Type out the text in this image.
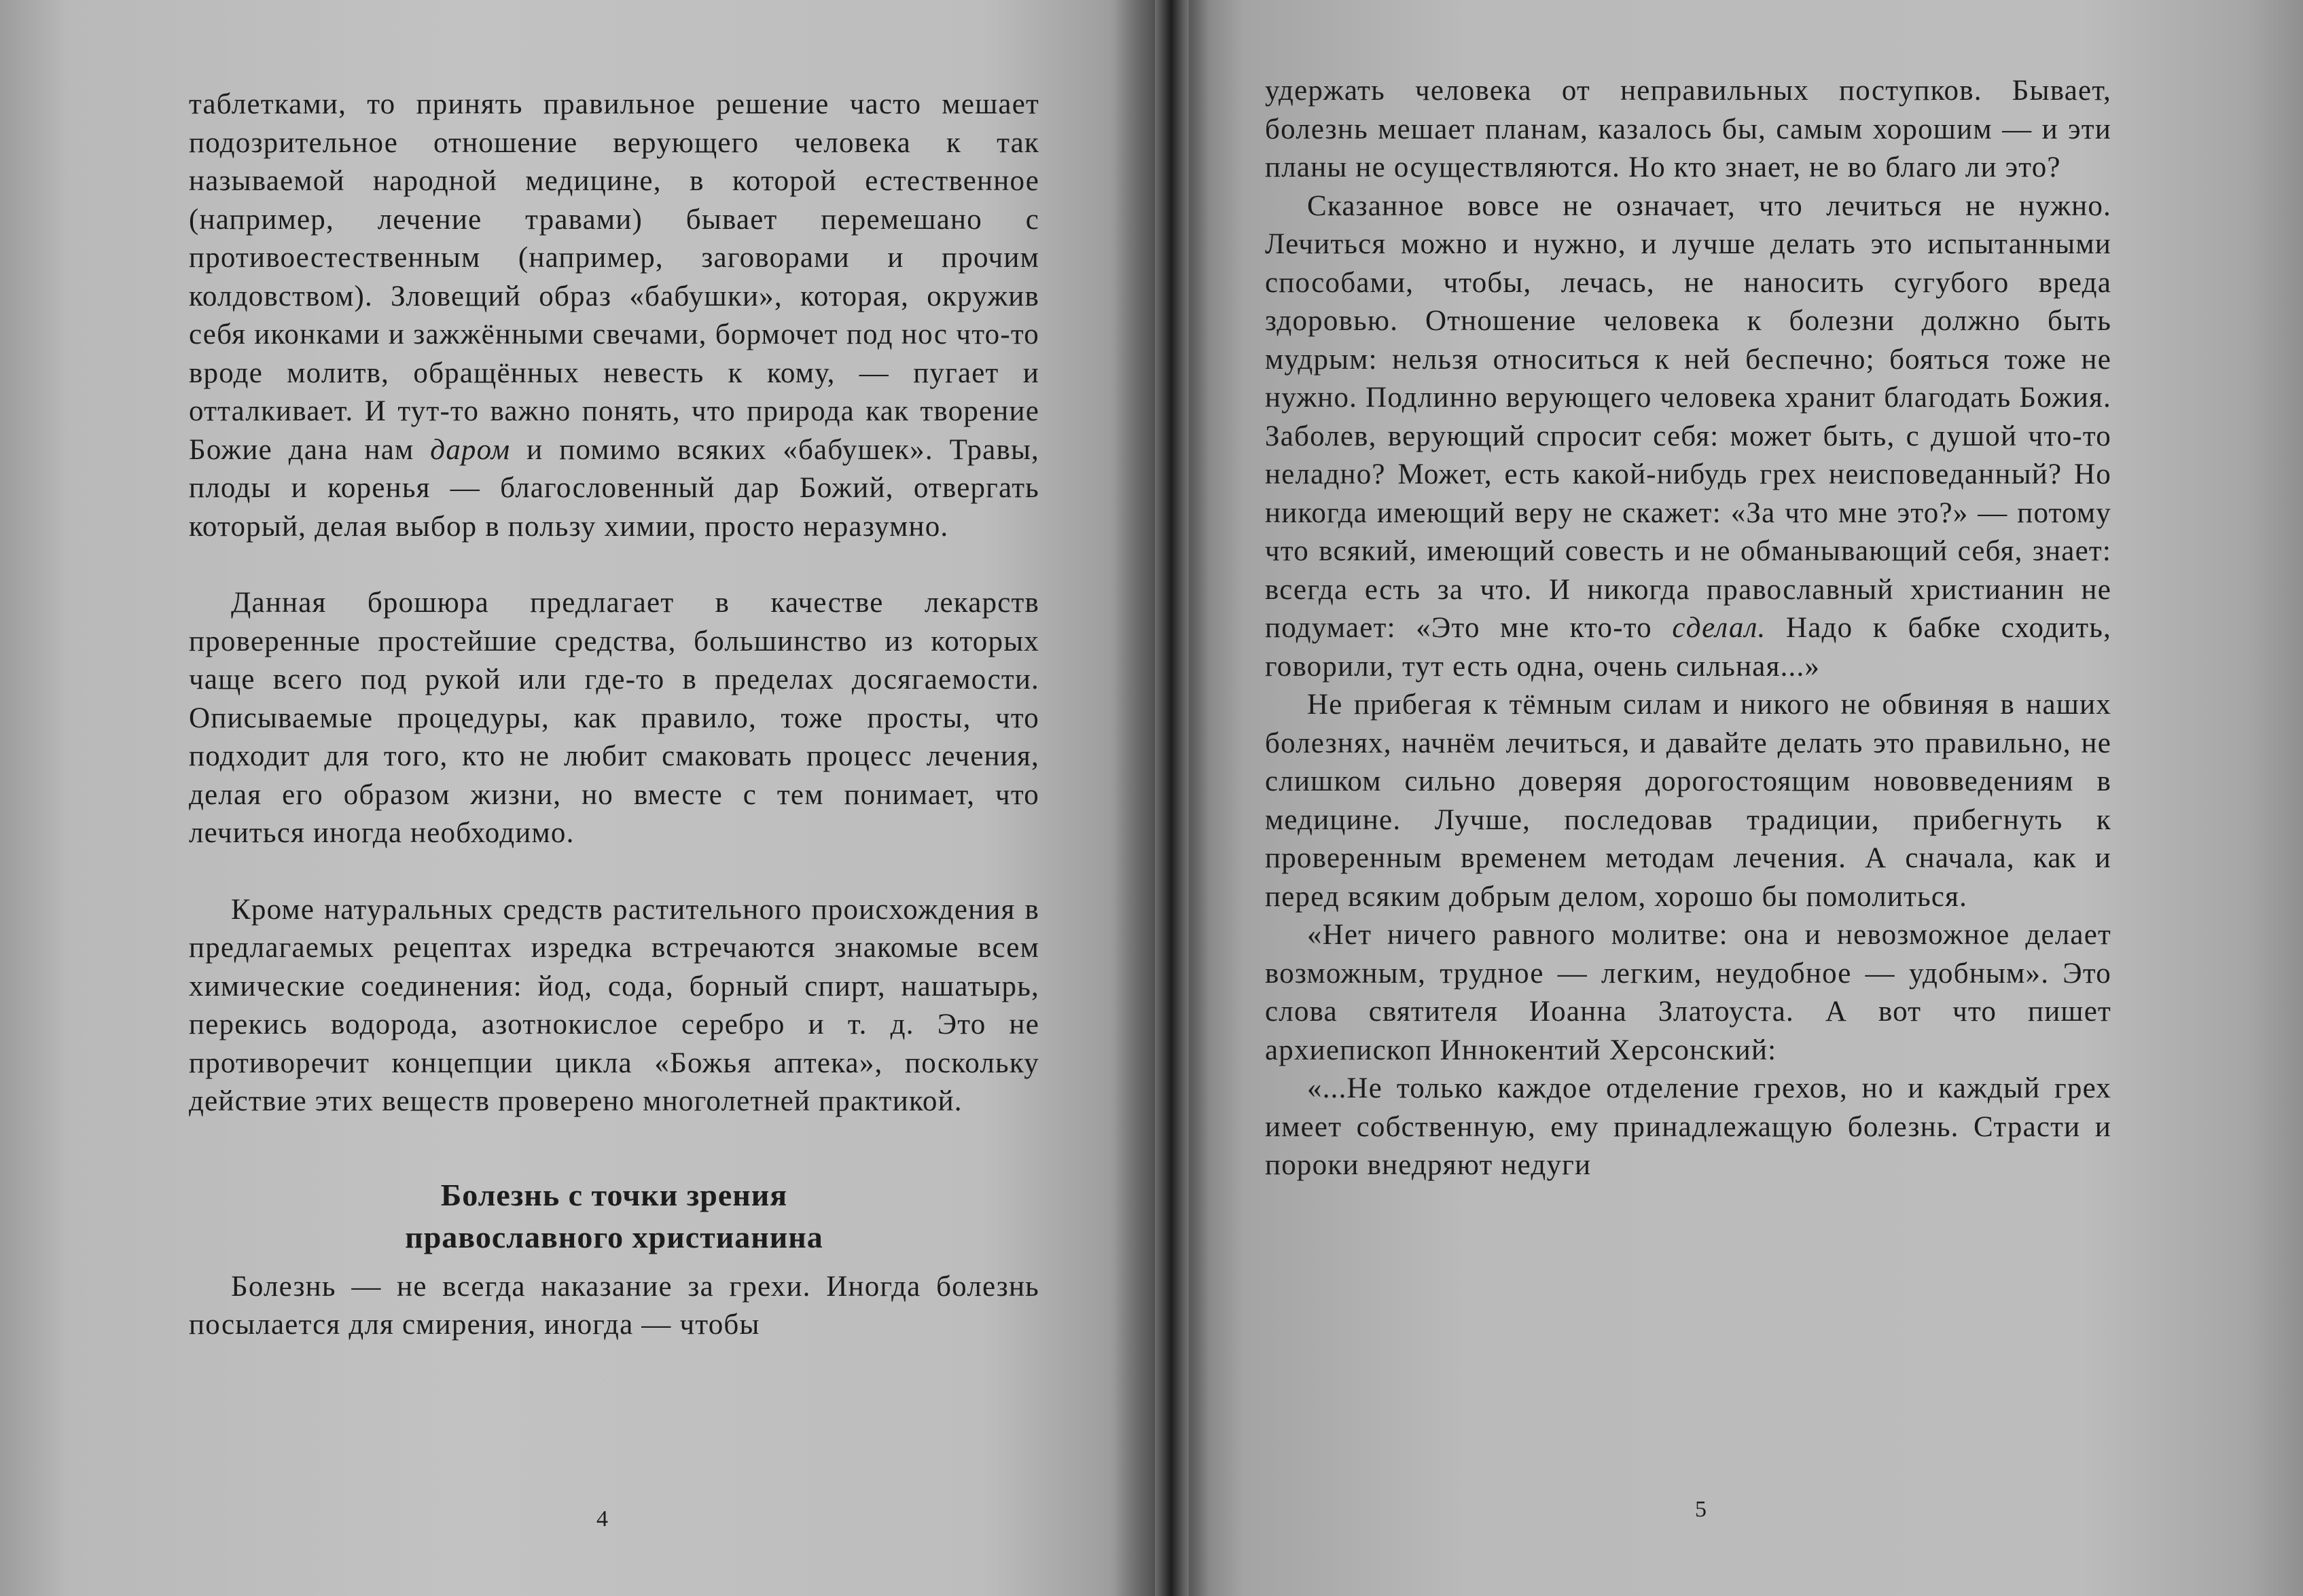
таблетками, то принять правильное решение часто мешает подозрительное отношение верующего человека к так называемой народной медицине, в которой естественное (например, лечение травами) бывает перемешано с противоестественным (например, заговорами и прочим колдовством). Зловещий образ «бабушки», которая, окружив себя иконками и зажжёнными свечами, бормочет под нос что-то вроде молитв, обращённых невесть к кому, — пугает и отталкивает. И тут-то важно понять, что природа как творение Божие дана нам даром и помимо всяких «бабушек». Травы, плоды и коренья — благословенный дар Божий, отвергать который, делая выбор в пользу химии, просто неразумно.

Данная брошюра предлагает в качестве лекарств проверенные простейшие средства, большинство из которых чаще всего под рукой или где-то в пределах досягаемости. Описываемые процедуры, как правило, тоже просты, что подходит для того, кто не любит смаковать процесс лечения, делая его образом жизни, но вместе с тем понимает, что лечиться иногда необходимо.

Кроме натуральных средств растительного происхождения в предлагаемых рецептах изредка встречаются знакомые всем химические соединения: йод, сода, борный спирт, нашатырь, перекись водорода, азотнокислое серебро и т. д. Это не противоречит концепции цикла «Божья аптека», поскольку действие этих веществ проверено многолетней практикой.

Болезнь с точки зрения
православного христианина

Болезнь — не всегда наказание за грехи. Иногда болезнь посылается для смирения, иногда — чтобы

4

удержать человека от неправильных поступков. Бывает, болезнь мешает планам, казалось бы, самым хорошим — и эти планы не осуществляются. Но кто знает, не во благо ли это?

Сказанное вовсе не означает, что лечиться не нужно. Лечиться можно и нужно, и лучше делать это испытанными способами, чтобы, лечась, не наносить сугубого вреда здоровью. Отношение человека к болезни должно быть мудрым: нельзя относиться к ней беспечно; бояться тоже не нужно. Подлинно верующего человека хранит благодать Божия. Заболев, верующий спросит себя: может быть, с душой что-то неладно? Может, есть какой-нибудь грех неисповеданный? Но никогда имеющий веру не скажет: «За что мне это?» — потому что всякий, имеющий совесть и не обманывающий себя, знает: всегда есть за что. И никогда православный христианин не подумает: «Это мне кто-то сделал. Надо к бабке сходить, говорили, тут есть одна, очень сильная...»

Не прибегая к тёмным силам и никого не обвиняя в наших болезнях, начнём лечиться, и давайте делать это правильно, не слишком сильно доверяя дорогостоящим нововведениям в медицине. Лучше, последовав традиции, прибегнуть к проверенным временем методам лечения. А сначала, как и перед всяким добрым делом, хорошо бы помолиться.

«Нет ничего равного молитве: она и невозможное делает возможным, трудное — легким, неудобное — удобным». Это слова святителя Иоанна Златоуста. А вот что пишет архиепископ Иннокентий Херсонский:

«...Не только каждое отделение грехов, но и каждый грех имеет собственную, ему принадлежащую болезнь. Страсти и пороки внедряют недуги

5
